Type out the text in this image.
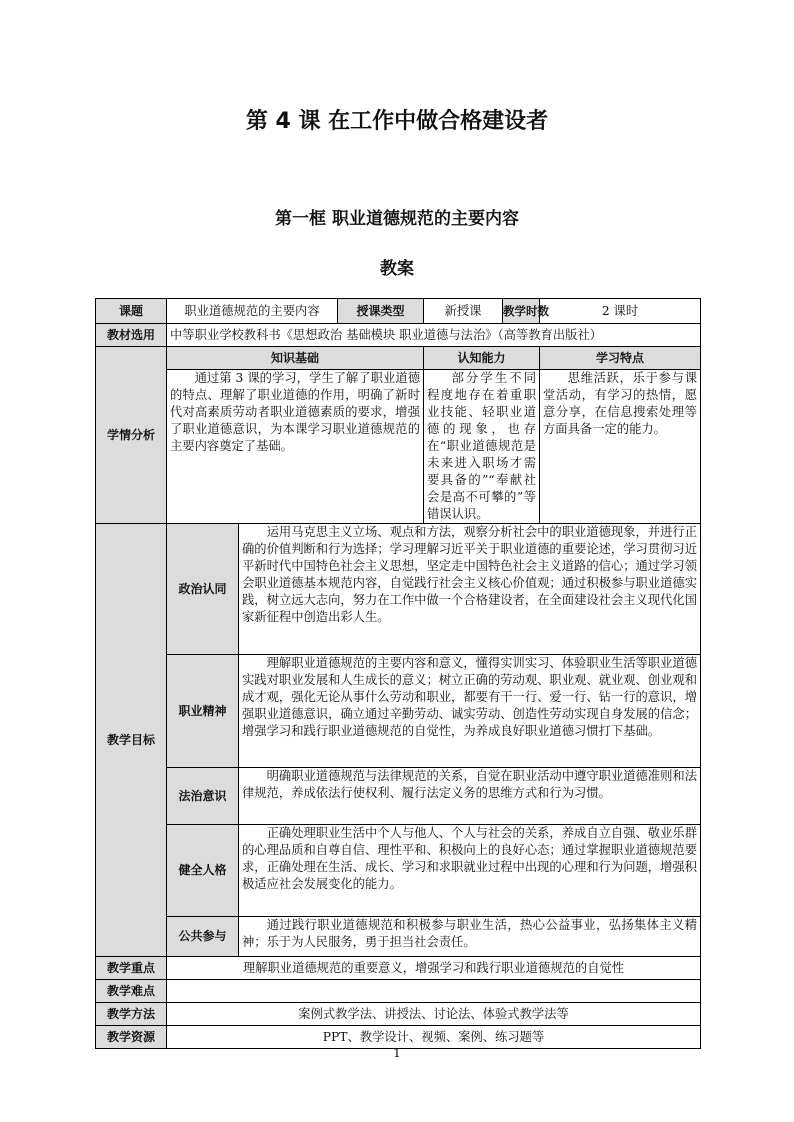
第 4 课 在工作中做合格建设者
第一框 职业道德规范的主要内容
教案
课题	职业道德规范的主要内容		授课类型	新授课	教学时数	2 课时
教材选用	中等职业学校教科书《思想政治 基础模块 职业道德与法治》（高等教育出版社）					
学情分析	知识基础			认知能力		学习特点
	通过第 3 课的学习，学生了解了职业道德的特点、理解了职业道德的作用，明确了新时代对高素质劳动者职业道德素质的要求，增强了职业道德意识，为本课学习职业道德规范的主要内容奠定了基础。			部分学生不同程度地存在着重职业技能、轻职业道德的现象，也存在“职业道德规范是未来进入职场才需要具备的”“奉献社会是高不可攀的”等错误认识。		思维活跃，乐于参与课堂活动，有学习的热情，愿意分享，在信息搜索处理等方面具备一定的能力。
教学目标	政治认同	运用马克思主义立场、观点和方法，观察分析社会中的职业道德现象，并进行正确的价值判断和行为选择；学习理解习近平关于职业道德的重要论述，学习贯彻习近平新时代中国特色社会主义思想，坚定走中国特色社会主义道路的信心；通过学习领会职业道德基本规范内容，自觉践行社会主义核心价值观；通过积极参与职业道德实践，树立远大志向，努力在工作中做一个合格建设者，在全面建设社会主义现代化国家新征程中创造出彩人生。				
	职业精神	理解职业道德规范的主要内容和意义，懂得实训实习、体验职业生活等职业道德实践对职业发展和人生成长的意义；树立正确的劳动观、职业观、就业观、创业观和成才观，强化无论从事什么劳动和职业，都要有干一行、爱一行、钻一行的意识，增强职业道德意识，确立通过辛勤劳动、诚实劳动、创造性劳动实现自身发展的信念；增强学习和践行职业道德规范的自觉性，为养成良好职业道德习惯打下基础。				
	法治意识	明确职业道德规范与法律规范的关系，自觉在职业活动中遵守职业道德准则和法律规范，养成依法行使权利、履行法定义务的思维方式和行为习惯。				
	健全人格	正确处理职业生活中个人与他人、个人与社会的关系，养成自立自强、敬业乐群的心理品质和自尊自信、理性平和、积极向上的良好心态；通过掌握职业道德规范要求，正确处理在生活、成长、学习和求职就业过程中出现的心理和行为问题，增强积极适应社会发展变化的能力。				
	公共参与	通过践行职业道德规范和积极参与职业生活，热心公益事业，弘扬集体主义精神；乐于为人民服务，勇于担当社会责任。				
教学重点	理解职业道德规范的重要意义，增强学习和践行职业道德规范的自觉性					
教学难点						
教学方法	案例式教学法、讲授法、讨论法、体验式教学法等					
教学资源	PPT、教学设计、视频、案例、练习题等					
1
